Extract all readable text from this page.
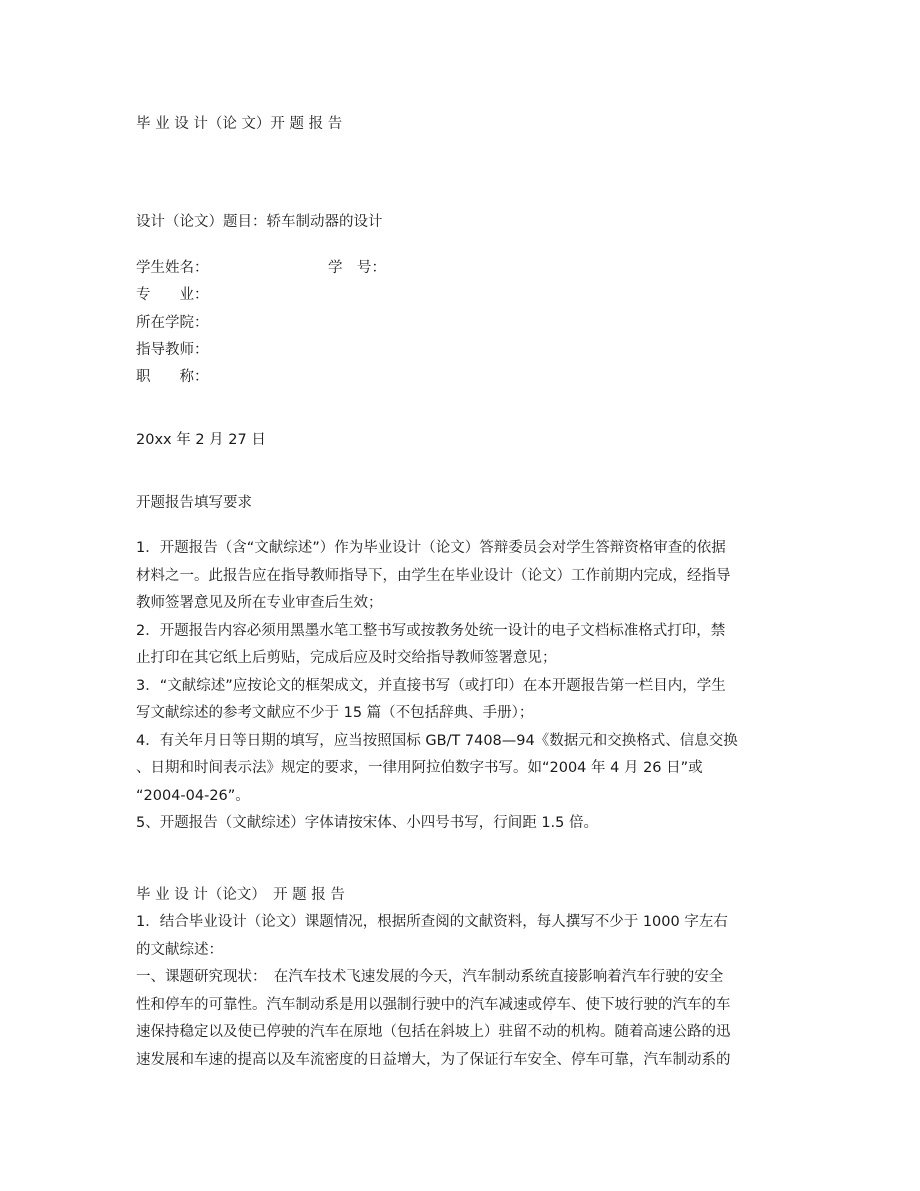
毕 业 设 计（论 文）开 题 报 告
设计（论文）题目：轿车制动器的设计
学生姓名：	学　号：
专　　业：
所在学院：
指导教师：
职　　称：
20xx 年 2 月 27 日
开题报告填写要求
1．开题报告（含“文献综述”）作为毕业设计（论文）答辩委员会对学生答辩资格审查的依据
材料之一。此报告应在指导教师指导下，由学生在毕业设计（论文）工作前期内完成，经指导
教师签署意见及所在专业审查后生效；
2．开题报告内容必须用黑墨水笔工整书写或按教务处统一设计的电子文档标准格式打印，禁
止打印在其它纸上后剪贴，完成后应及时交给指导教师签署意见；
3．“文献综述”应按论文的框架成文，并直接书写（或打印）在本开题报告第一栏目内，学生
写文献综述的参考文献应不少于 15 篇（不包括辞典、手册）；
4．有关年月日等日期的填写，应当按照国标 GB/T 7408—94《数据元和交换格式、信息交换
、日期和时间表示法》规定的要求，一律用阿拉伯数字书写。如“2004 年 4 月 26 日”或
“2004-04-26”。
5、开题报告（文献综述）字体请按宋体、小四号书写，行间距 1.5 倍。
毕 业 设 计（论文）　开 题 报 告
1．结合毕业设计（论文）课题情况，根据所查阅的文献资料，每人撰写不少于 1000 字左右
的文献综述：
一、课题研究现状：　在汽车技术飞速发展的今天，汽车制动系统直接影响着汽车行驶的安全
性和停车的可靠性。汽车制动系是用以强制行驶中的汽车减速或停车、使下坡行驶的汽车的车
速保持稳定以及使已停驶的汽车在原地（包括在斜坡上）驻留不动的机构。随着高速公路的迅
速发展和车速的提高以及车流密度的日益增大，为了保证行车安全、停车可靠，汽车制动系的
